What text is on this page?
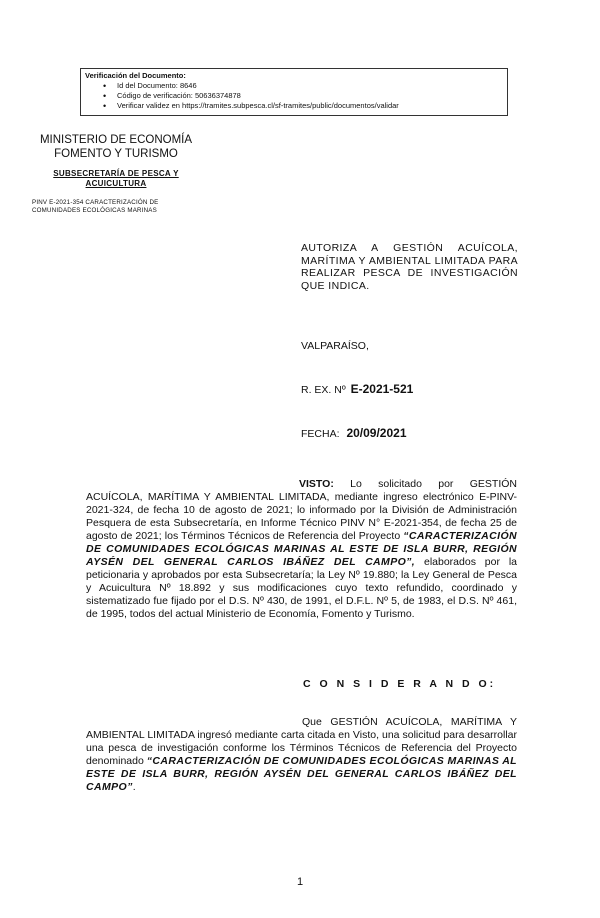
Verificación del Documento:
• Id del Documento: 8646
• Código de verificación: 50636374878
• Verificar validez en https://tramites.subpesca.cl/sf-tramites/public/documentos/validar
MINISTERIO DE ECONOMÍA
FOMENTO Y TURISMO
SUBSECRETARÍA DE PESCA Y
ACUICULTURA
PINV E-2021-354 CARACTERIZACIÓN DE
COMUNIDADES ECOLÓGICAS MARINAS
AUTORIZA A GESTIÓN ACUÍCOLA, MARÍTIMA Y AMBIENTAL LIMITADA PARA REALIZAR PESCA DE INVESTIGACIÓN QUE INDICA.
VALPARAÍSO,
R. EX. Nº E-2021-521
FECHA: 20/09/2021
VISTO: Lo solicitado por GESTIÓN ACUÍCOLA, MARÍTIMA Y AMBIENTAL LIMITADA, mediante ingreso electrónico E-PINV-2021-324, de fecha 10 de agosto de 2021; lo informado por la División de Administración Pesquera de esta Subsecretaría, en Informe Técnico PINV N° E-2021-354, de fecha 25 de agosto de 2021; los Términos Técnicos de Referencia del Proyecto “CARACTERIZACIÓN DE COMUNIDADES ECOLÓGICAS MARINAS AL ESTE DE ISLA BURR, REGIÓN AYSÉN DEL GENERAL CARLOS IBÁÑEZ DEL CAMPO”, elaborados por la peticionaria y aprobados por esta Subsecretaría; la Ley Nº 19.880; la Ley General de Pesca y Acuicultura Nº 18.892 y sus modificaciones cuyo texto refundido, coordinado y sistematizado fue fijado por el D.S. Nº 430, de 1991, el D.F.L. Nº 5, de 1983, el D.S. Nº 461, de 1995, todos del actual Ministerio de Economía, Fomento y Turismo.
C O N S I D E R A N D O:
Que GESTIÓN ACUÍCOLA, MARÍTIMA Y AMBIENTAL LIMITADA ingresó mediante carta citada en Visto, una solicitud para desarrollar una pesca de investigación conforme los Términos Técnicos de Referencia del Proyecto denominado “CARACTERIZACIÓN DE COMUNIDADES ECOLÓGICAS MARINAS AL ESTE DE ISLA BURR, REGIÓN AYSÉN DEL GENERAL CARLOS IBÁÑEZ DEL CAMPO”.
1
